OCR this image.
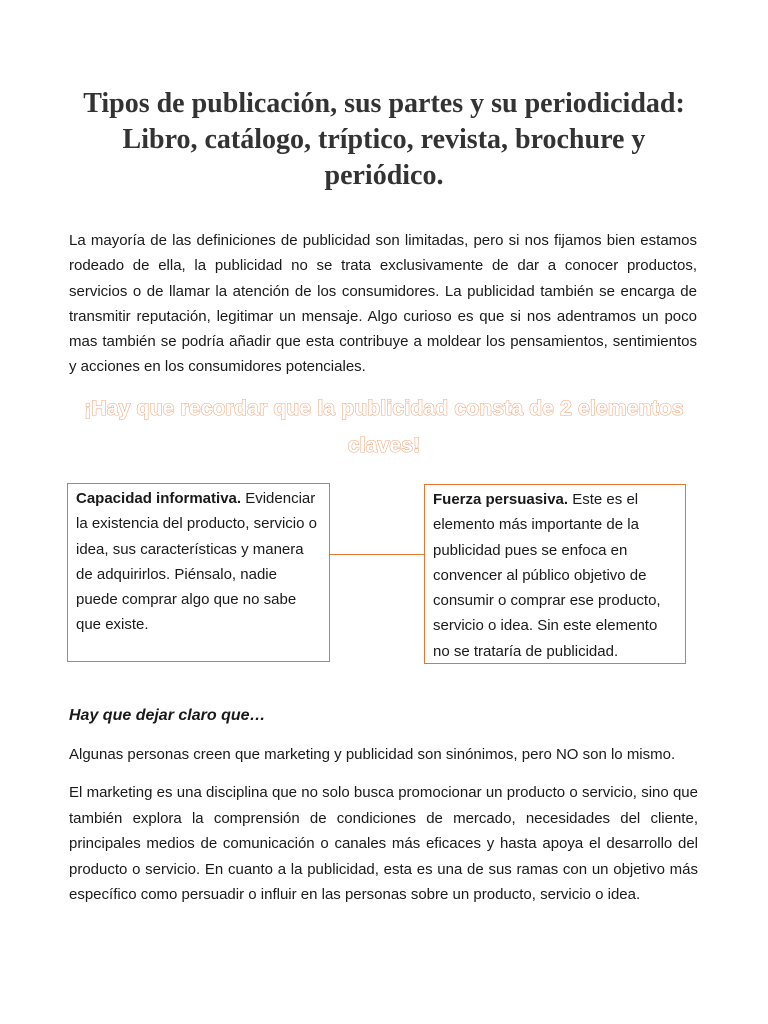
Tipos de publicación, sus partes y su periodicidad: Libro, catálogo, tríptico, revista, brochure y periódico.

La mayoría de las definiciones de publicidad son limitadas, pero si nos fijamos bien estamos rodeado de ella, la publicidad no se trata exclusivamente de dar a conocer productos, servicios o de llamar la atención de los consumidores. La publicidad también se encarga de transmitir reputación, legitimar un mensaje. Algo curioso es que si nos adentramos un poco mas también se podría añadir que esta contribuye a moldear los pensamientos, sentimientos y acciones en los consumidores potenciales.

¡Hay que recordar que la publicidad consta de 2 elementos claves!

Capacidad informativa. Evidenciar la existencia del producto, servicio o idea, sus características y manera de adquirirlos. Piénsalo, nadie puede comprar algo que no sabe que existe.
Fuerza persuasiva. Este es el elemento más importante de la publicidad pues se enfoca en convencer al público objetivo de consumir o comprar ese producto, servicio o idea. Sin este elemento no se trataría de publicidad.

Hay que dejar claro que…

Algunas personas creen que marketing y publicidad son sinónimos, pero NO son lo mismo.

El marketing es una disciplina que no solo busca promocionar un producto o servicio, sino que también explora la comprensión de condiciones de mercado, necesidades del cliente, principales medios de comunicación o canales más eficaces y hasta apoya el desarrollo del producto o servicio. En cuanto a la publicidad, esta es una de sus ramas con un objetivo más específico como persuadir o influir en las personas sobre un producto, servicio o idea.
